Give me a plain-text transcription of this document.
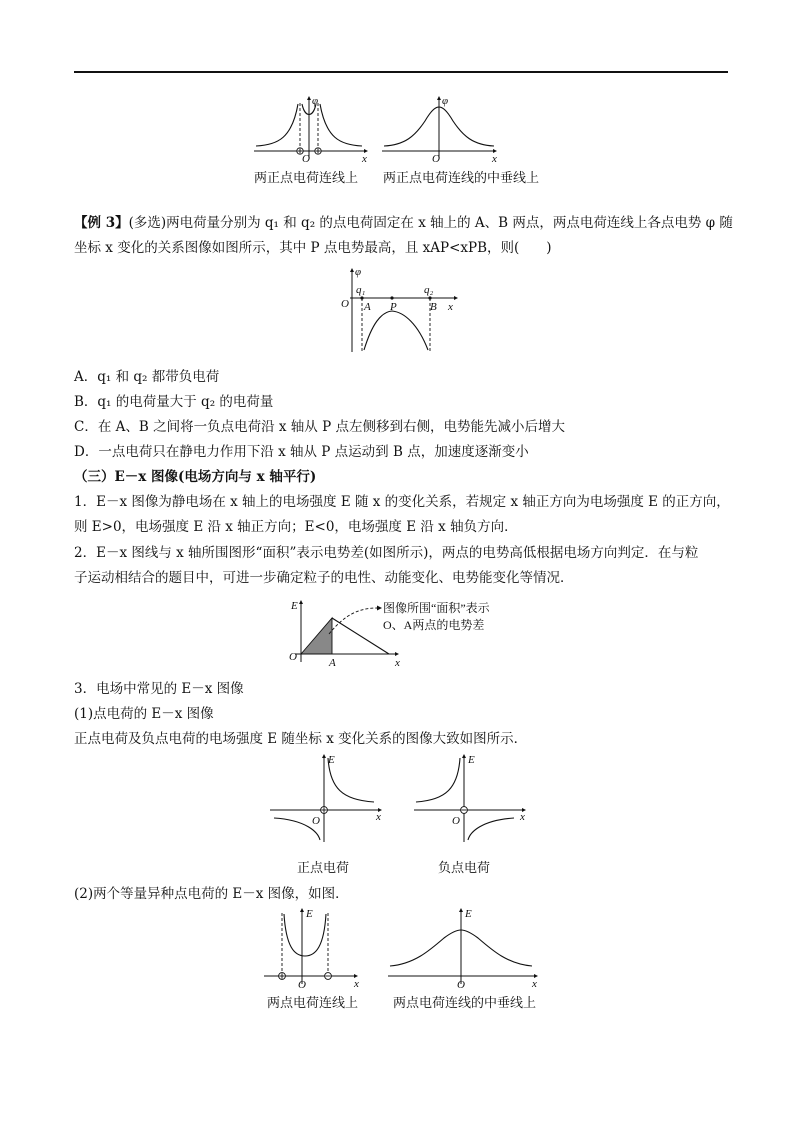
φ
O	x
两正点电荷连线上
φ
O	x
两正点电荷连线的中垂线上
【例 3】(多选)两电荷量分别为 q₁ 和 q₂ 的点电荷固定在 x 轴上的 A、B 两点，两点电荷连线上各点电势 φ 随
坐标 x 变化的关系图像如图所示，其中 P 点电势最高，且 xAP<xPB，则(　　)
φ
O
q₁	q₂
A P	B x
A．q₁ 和 q₂ 都带负电荷
B．q₁ 的电荷量大于 q₂ 的电荷量
C．在 A、B 之间将一负点电荷沿 x 轴从 P 点左侧移到右侧，电势能先减小后增大
D．一点电荷只在静电力作用下沿 x 轴从 P 点运动到 B 点，加速度逐渐变小
（三）E－x 图像(电场方向与 x 轴平行)
1．E－x 图像为静电场在 x 轴上的电场强度 E 随 x 的变化关系，若规定 x 轴正方向为电场强度 E 的正方向，
则 E>0，电场强度 E 沿 x 轴正方向；E<0，电场强度 E 沿 x 轴负方向．
2．E－x 图线与 x 轴所围图形“面积”表示电势差(如图所示)，两点的电势高低根据电场方向判定．在与粒
子运动相结合的题目中，可进一步确定粒子的电性、动能变化、电势能变化等情况．
E
O	A	x
图像所围“面积”表示
O、A两点的电势差
3．电场中常见的 E－x 图像
(1)点电荷的 E－x 图像
正点电荷及负点电荷的电场强度 E 随坐标 x 变化关系的图像大致如图所示．
E
O	x
正点电荷
E
O	x
负点电荷
(2)两个等量异种点电荷的 E－x 图像，如图．
E
O	x
两点电荷连线上
E
O	x
两点电荷连线的中垂线上
